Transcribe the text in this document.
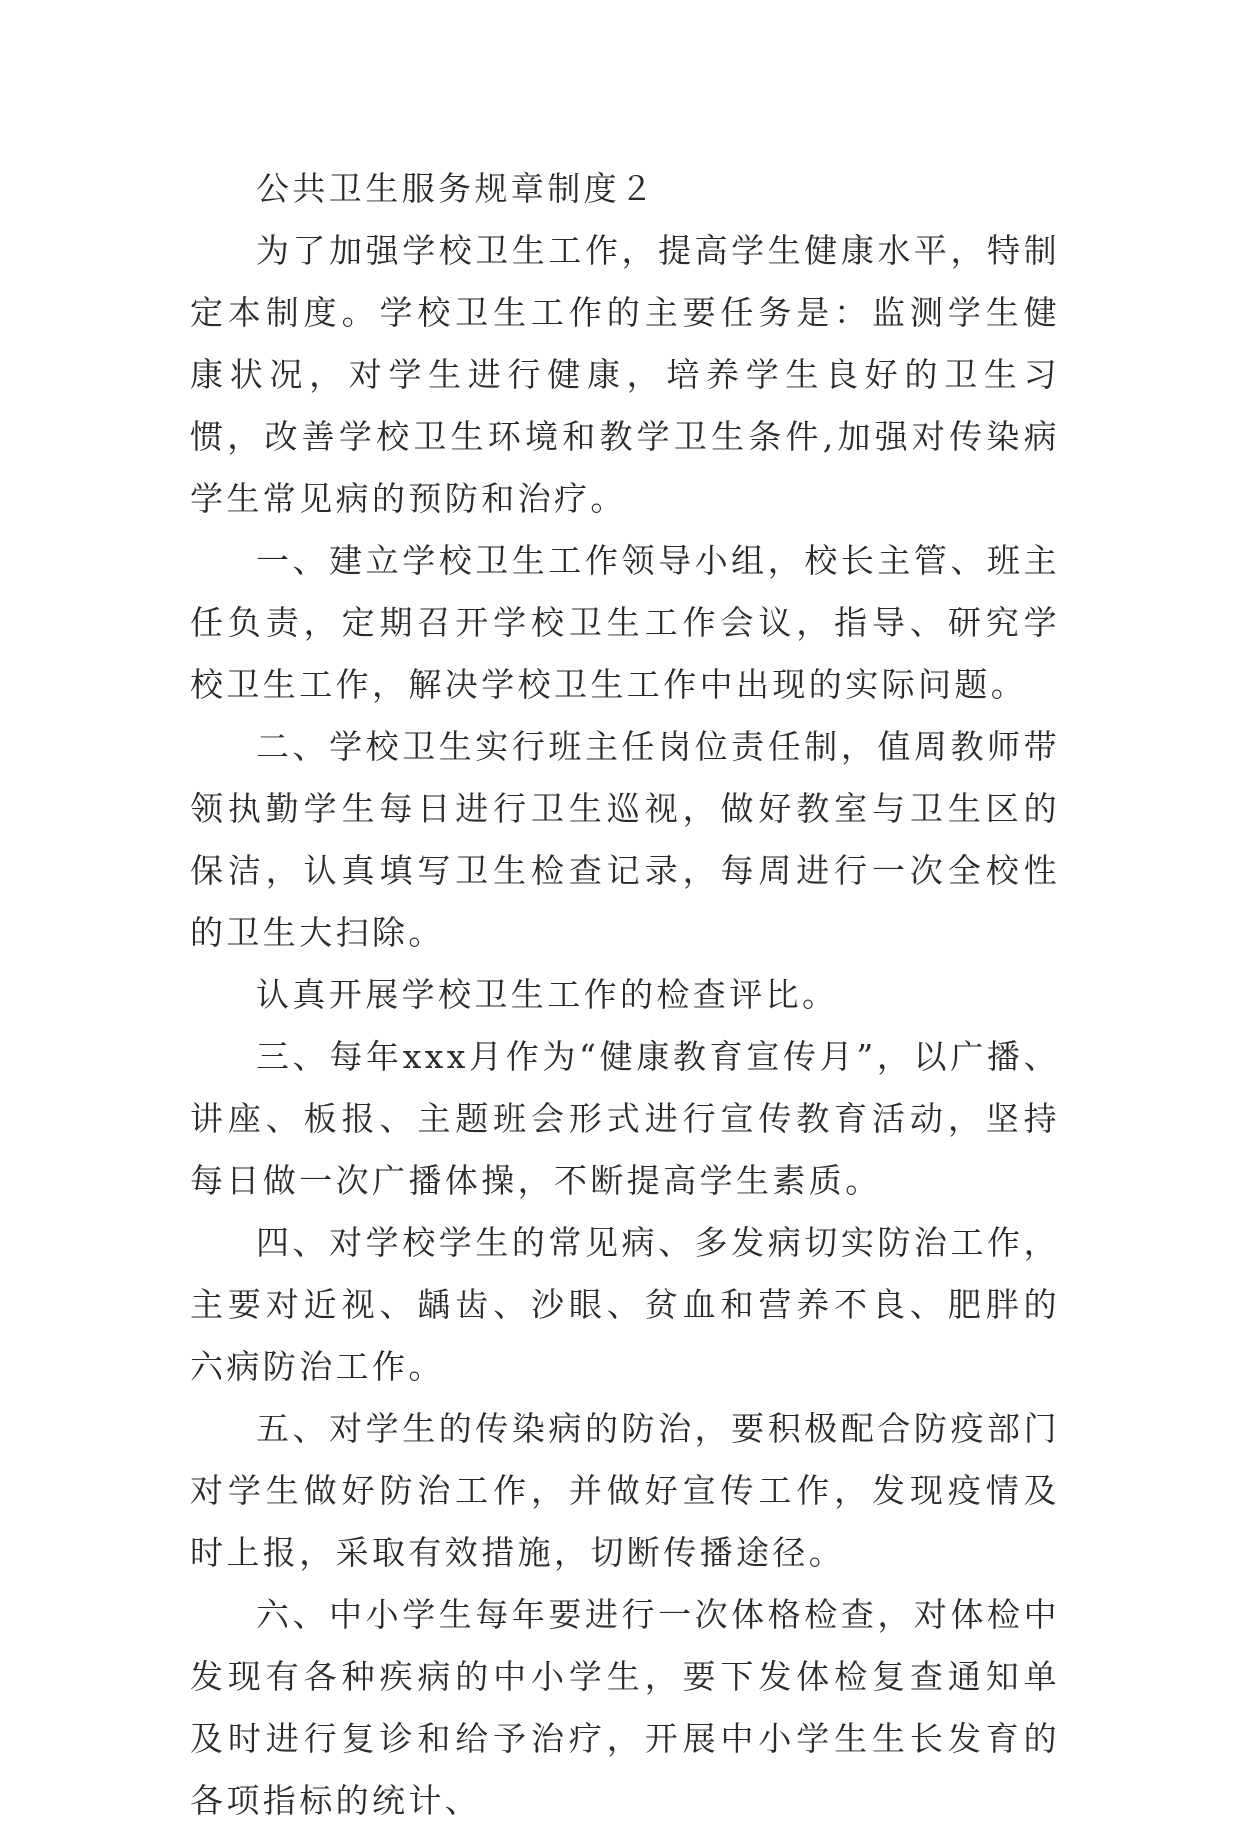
公共卫生服务规章制度２

为了加强学校卫生工作，提高学生健康水平，特制定本制度。学校卫生工作的主要任务是：监测学生健康状况，对学生进行健康，培养学生良好的卫生习惯，改善学校卫生环境和教学卫生条件,加强对传染病学生常见病的预防和治疗。

一、建立学校卫生工作领导小组，校长主管、班主任负责，定期召开学校卫生工作会议，指导、研究学校卫生工作，解决学校卫生工作中出现的实际问题。

二、学校卫生实行班主任岗位责任制，值周教师带领执勤学生每日进行卫生巡视，做好教室与卫生区的保洁，认真填写卫生检查记录，每周进行一次全校性的卫生大扫除。

认真开展学校卫生工作的检查评比。

三、每年xxx月作为“健康教育宣传月”，以广播、讲座、板报、主题班会形式进行宣传教育活动，坚持每日做一次广播体操，不断提高学生素质。

四、对学校学生的常见病、多发病切实防治工作，主要对近视、龋齿、沙眼、贫血和营养不良、肥胖的六病防治工作。

五、对学生的传染病的防治，要积极配合防疫部门对学生做好防治工作，并做好宣传工作，发现疫情及时上报，采取有效措施，切断传播途径。

六、中小学生每年要进行一次体格检查，对体检中发现有各种疾病的中小学生，要下发体检复查通知单及时进行复诊和给予治疗，开展中小学生生长发育的各项指标的统计、
